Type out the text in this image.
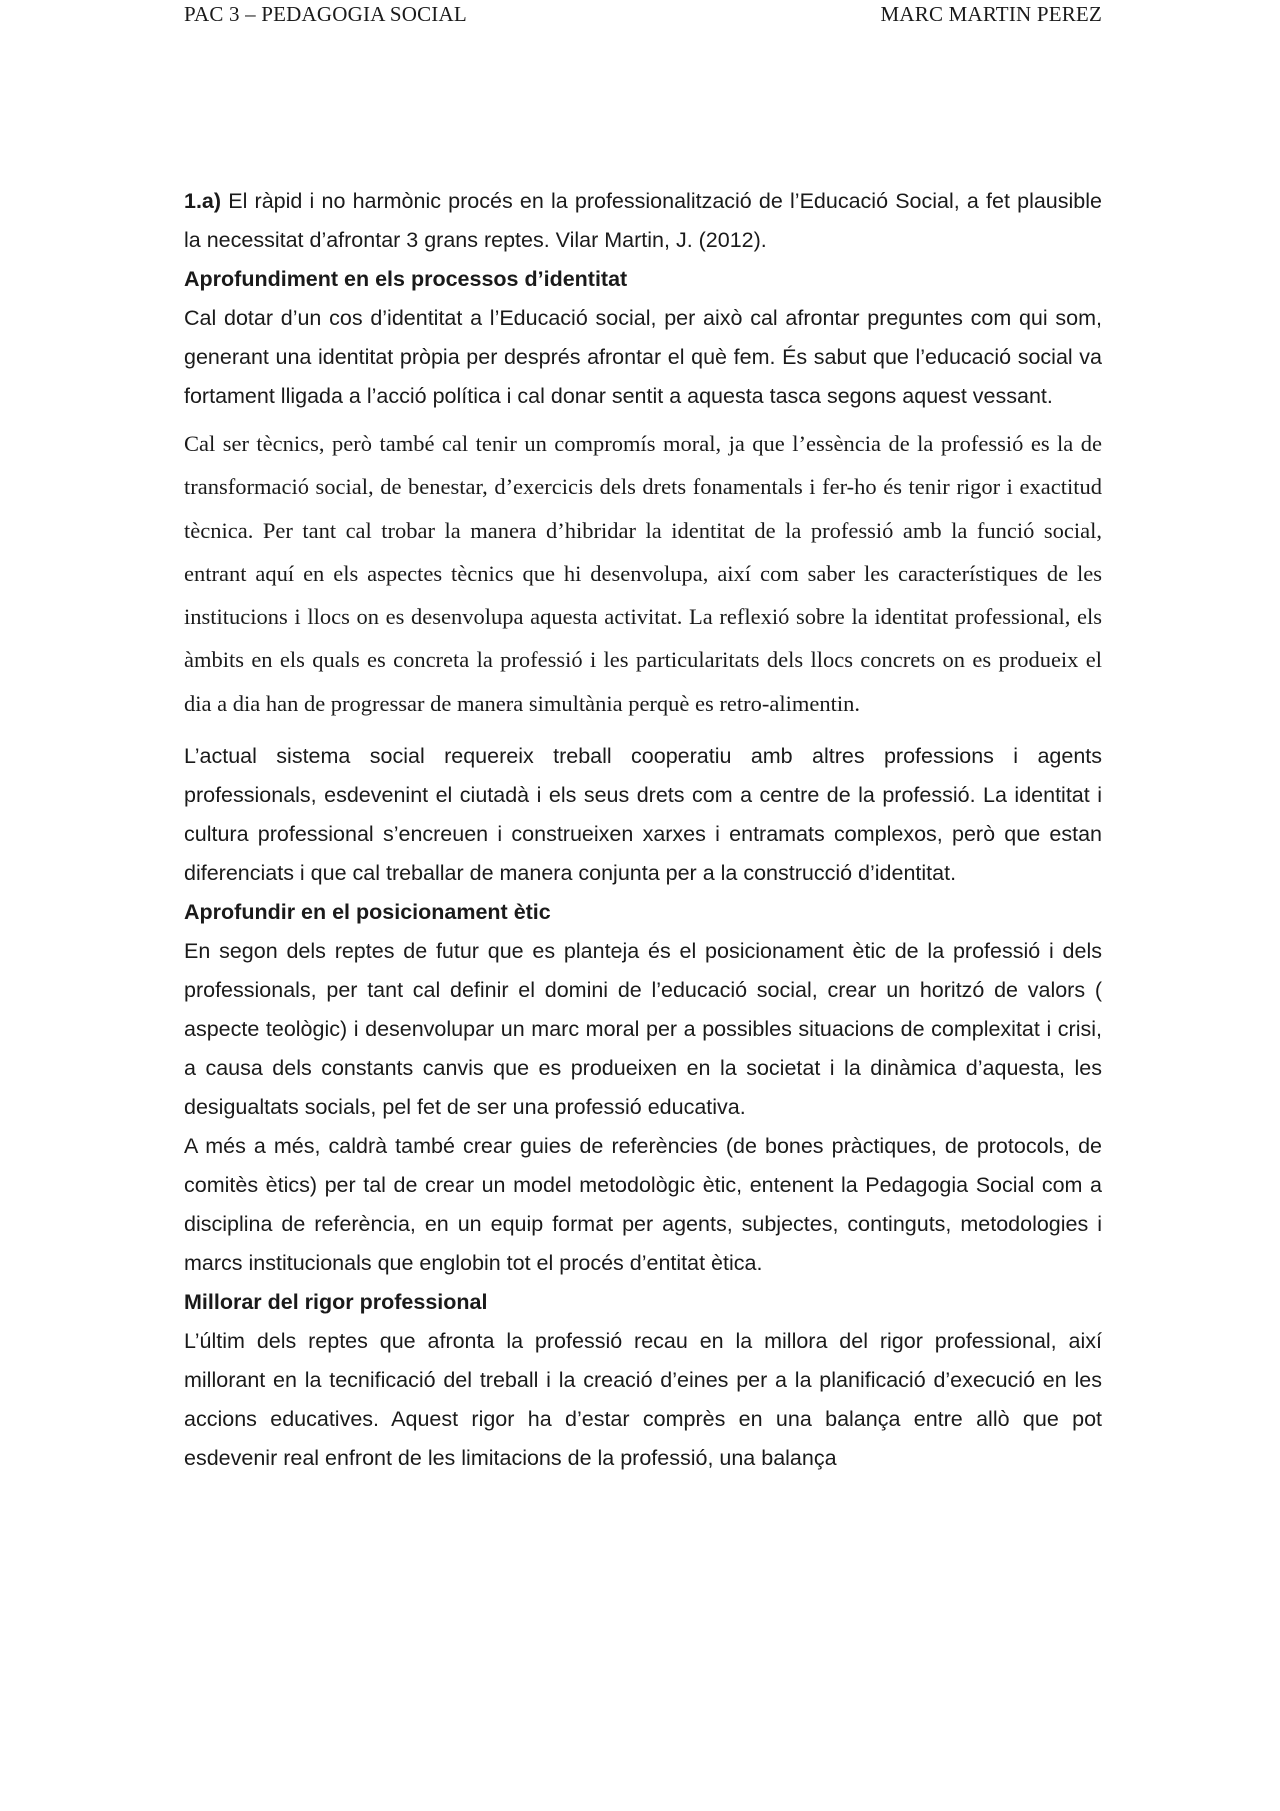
PAC 3 – PEDAGOGIA SOCIAL	MARC MARTIN PEREZ

1.a) El ràpid i no harmònic procés en la professionalització de l’Educació Social, a fet plausible la necessitat d’afrontar 3 grans reptes. Vilar Martin, J. (2012).

Aprofundiment en els processos d’identitat

Cal dotar d’un cos d’identitat a l’Educació social, per això cal afrontar preguntes com qui som, generant una identitat pròpia per després afrontar el què fem. És sabut que l’educació social va fortament lligada a l’acció política i cal donar sentit a aquesta tasca segons aquest vessant.

Cal ser tècnics, però també cal tenir un compromís moral, ja que l’essència de la professió es la de transformació social, de benestar, d’exercicis dels drets fonamentals i fer-ho és tenir rigor i exactitud tècnica. Per tant cal trobar la manera d’hibridar la identitat de la professió amb la funció social, entrant aquí en els aspectes tècnics que hi desenvolupa, així com saber les característiques de les institucions i llocs on es desenvolupa aquesta activitat. La reflexió sobre la identitat professional, els àmbits en els quals es concreta la professió i les particularitats dels llocs concrets on es produeix el dia a dia han de progressar de manera simultània perquè es retro-alimentin.

L’actual sistema social requereix treball cooperatiu amb altres professions i agents professionals, esdevenint el ciutadà i els seus drets com a centre de la professió. La identitat i cultura professional s’encreuen i construeixen xarxes i entramats complexos, però que estan diferenciats i que cal treballar de manera conjunta per a la construcció d’identitat.

Aprofundir en el posicionament ètic

En segon dels reptes de futur que es planteja és el posicionament ètic de la professió i dels professionals, per tant cal definir el domini de l’educació social, crear un horitzó de valors ( aspecte teològic) i desenvolupar un marc moral per a possibles situacions de complexitat i crisi, a causa dels constants canvis que es produeixen en la societat i la dinàmica d’aquesta, les desigualtats socials, pel fet de ser una professió educativa.

A més a més, caldrà també crear guies de referències (de bones pràctiques, de protocols, de comitès ètics) per tal de crear un model metodològic ètic, entenent la Pedagogia Social com a disciplina de referència, en un equip format per agents, subjectes, continguts, metodologies i marcs institucionals que englobin tot el procés d’entitat ètica.

Millorar del rigor professional

L’últim dels reptes que afronta la professió recau en la millora del rigor professional, així millorant en la tecnificació del treball i la creació d’eines per a la planificació d’execució en les accions educatives. Aquest rigor ha d’estar comprès en una balança entre allò que pot esdevenir real enfront de les limitacions de la professió, una balança
